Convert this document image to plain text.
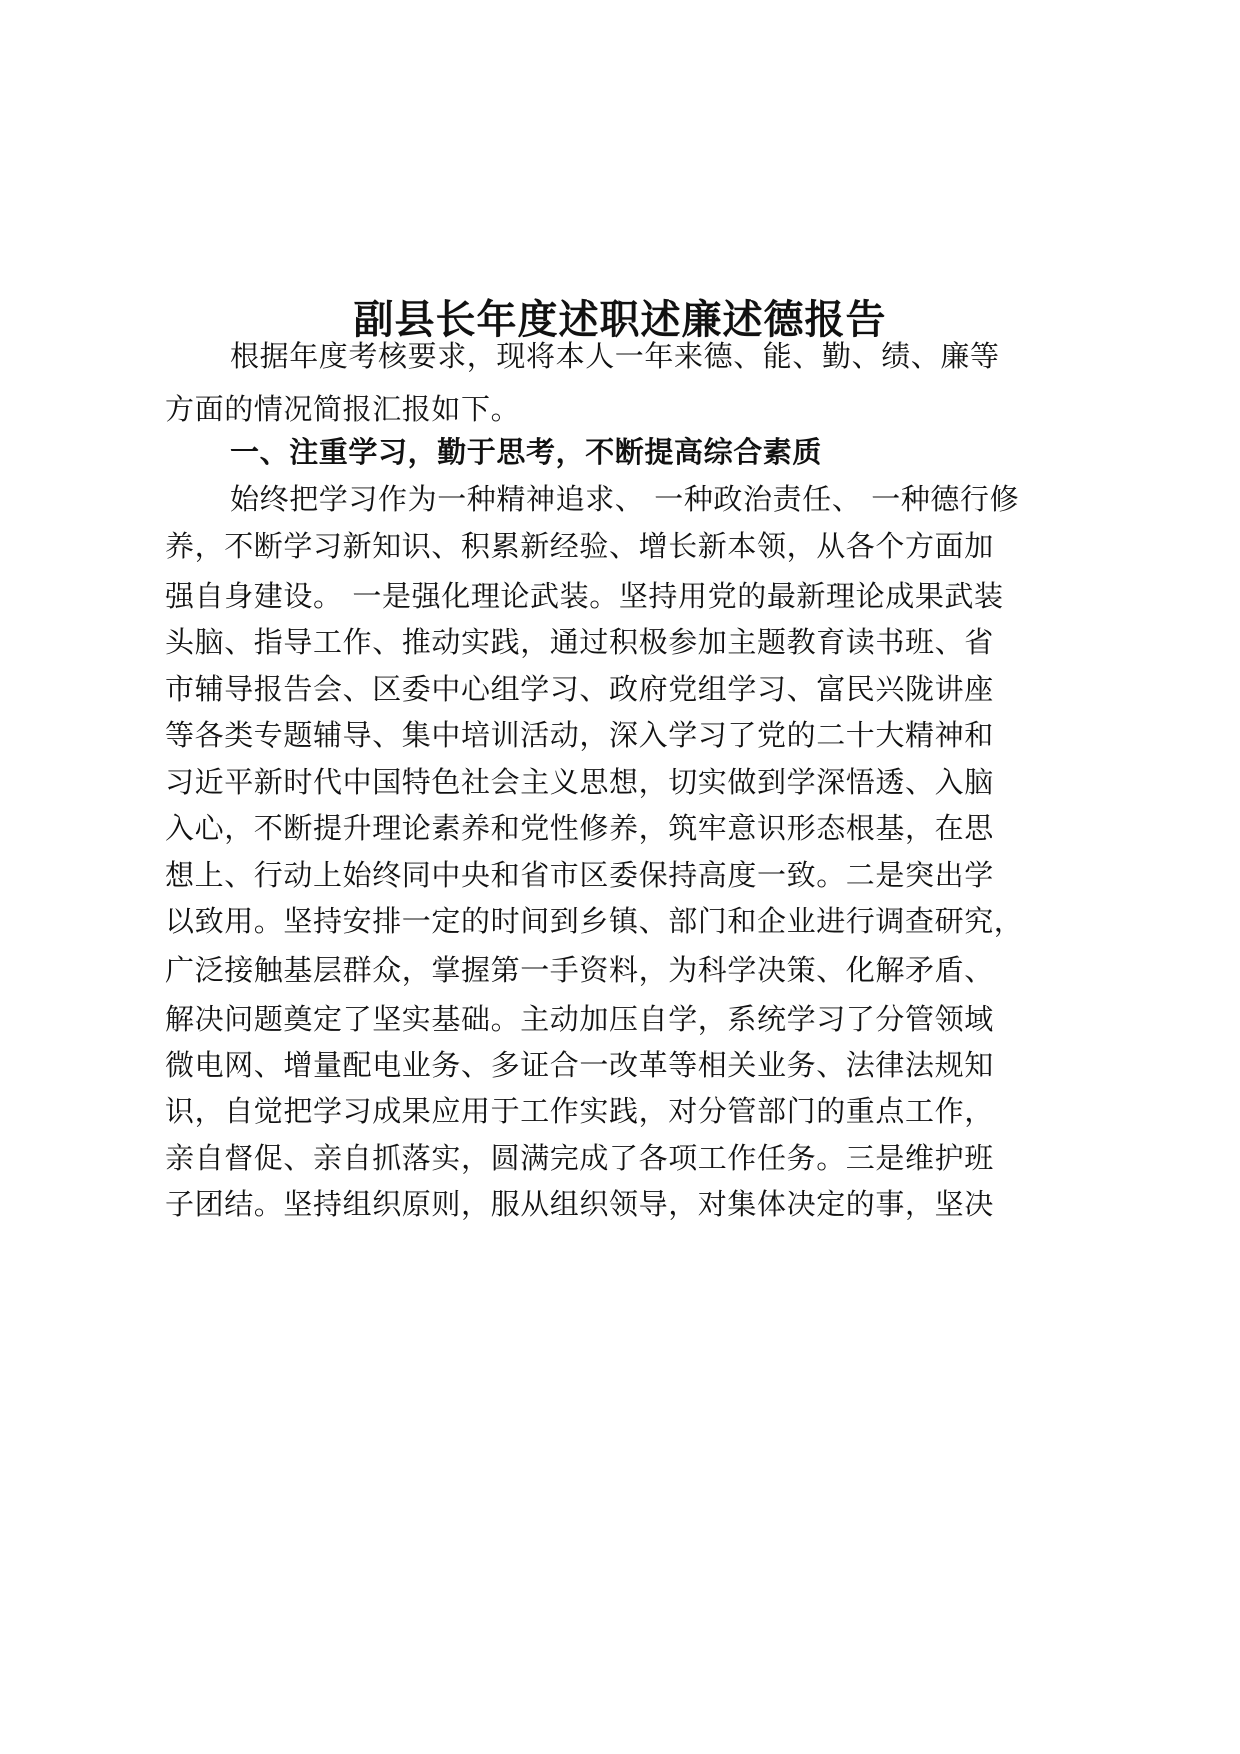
副县长年度述职述廉述德报告

根据年度考核要求，现将本人一年来德、能、勤、绩、廉等

方面的情况简报汇报如下。

一、注重学习，勤于思考，不断提高综合素质

始终把学习作为一种精神追求、 一种政治责任、 一种德行修

养，不断学习新知识、积累新经验、增长新本领，从各个方面加

强自身建设。 一是强化理论武装。坚持用党的最新理论成果武装

头脑、指导工作、推动实践，通过积极参加主题教育读书班、省

市辅导报告会、区委中心组学习、政府党组学习、富民兴陇讲座

等各类专题辅导、集中培训活动，深入学习了党的二十大精神和

习近平新时代中国特色社会主义思想，切实做到学深悟透、入脑

入心，不断提升理论素养和党性修养，筑牢意识形态根基，在思

想上、行动上始终同中央和省市区委保持高度一致。二是突出学

以致用。坚持安排一定的时间到乡镇、部门和企业进行调查研究，

广泛接触基层群众，掌握第一手资料，为科学决策、化解矛盾、

解决问题奠定了坚实基础。主动加压自学，系统学习了分管领域

微电网、增量配电业务、多证合一改革等相关业务、法律法规知

识，自觉把学习成果应用于工作实践，对分管部门的重点工作，

亲自督促、亲自抓落实，圆满完成了各项工作任务。三是维护班

子团结。坚持组织原则，服从组织领导，对集体决定的事，坚决
